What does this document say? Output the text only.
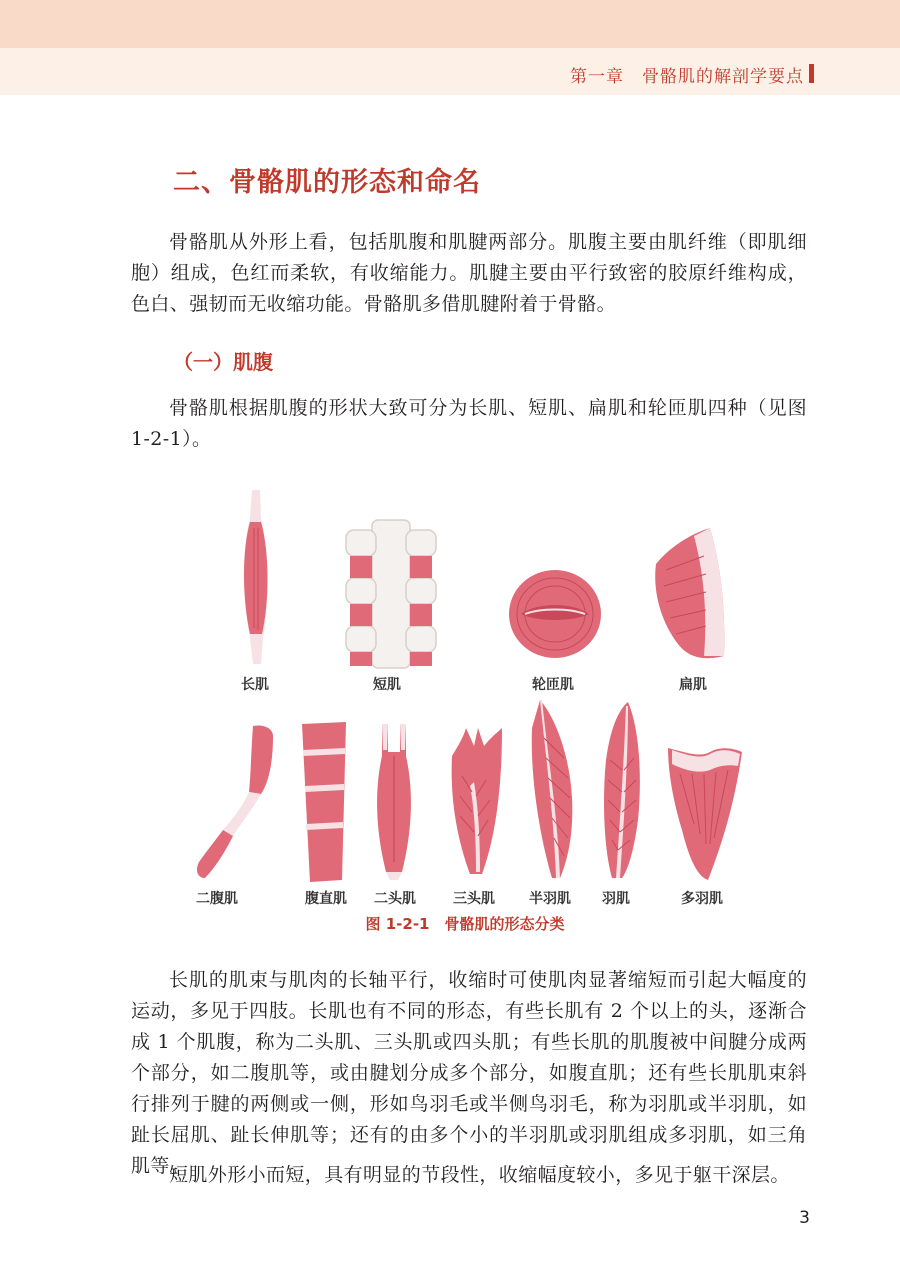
第一章　 骨骼肌的解剖学要点
二、骨骼肌的形态和命名

骨骼肌从外形上看，包括肌腹和肌腱两部分。肌腹主要由肌纤维（即肌细胞）组成，色红而柔软，有收缩能力。肌腱主要由平行致密的胶原纤维构成，色白、强韧而无收缩功能。骨骼肌多借肌腱附着于骨骼。

（一）肌腹

骨骼肌根据肌腹的形状大致可分为长肌、短肌、扁肌和轮匝肌四种（见图 1-2-1）。

长肌	短肌	轮匝肌	扁肌
二腹肌	腹直肌	二头肌	三头肌	半羽肌	羽肌	多羽肌
图 1-2-1　骨骼肌的形态分类

长肌的肌束与肌肉的长轴平行，收缩时可使肌肉显著缩短而引起大幅度的运动，多见于四肢。长肌也有不同的形态，有些长肌有 2 个以上的头，逐渐合成 1 个肌腹，称为二头肌、三头肌或四头肌；有些长肌的肌腹被中间腱分成两个部分，如二腹肌等，或由腱划分成多个部分，如腹直肌；还有些长肌肌束斜行排列于腱的两侧或一侧，形如鸟羽毛或半侧鸟羽毛，称为羽肌或半羽肌，如趾长屈肌、趾长伸肌等；还有的由多个小的半羽肌或羽肌组成多羽肌，如三角肌等。

短肌外形小而短，具有明显的节段性，收缩幅度较小，多见于躯干深层。

3
